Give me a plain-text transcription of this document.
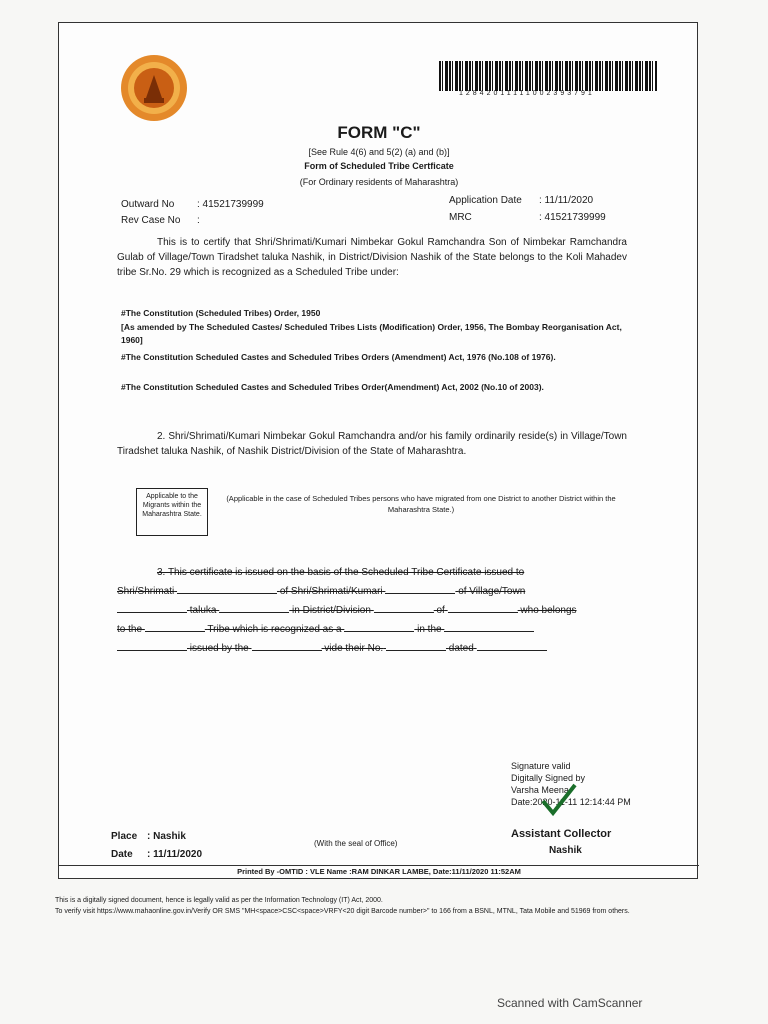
12842011111002393791
FORM "C"
[See Rule 4(6) and 5(2) (a) and (b)]
Form of Scheduled Tribe Certficate
(For Ordinary residents of Maharashtra)
Outward No : 41521739999
Rev Case No :
Application Date : 11/11/2020
MRC	: 41521739999
This is to certify that Shri/Shrimati/Kumari Nimbekar Gokul Ramchandra Son of Nimbekar Ramchandra Gulab of Village/Town Tiradshet taluka Nashik, in District/Division Nashik of the State belongs to the Koli Mahadev tribe Sr.No. 29 which is recognized as a Scheduled Tribe under:
#The Constitution (Scheduled Tribes) Order, 1950
[As amended by The Scheduled Castes/ Scheduled Tribes Lists (Modification) Order, 1956, The Bombay Reorganisation Act, 1960]
#The Constitution Scheduled Castes and Scheduled Tribes Orders (Amendment) Act, 1976 (No.108 of 1976).
#The Constitution Scheduled Castes and Scheduled Tribes Order(Amendment) Act, 2002 (No.10 of 2003).
2. Shri/Shrimati/Kumari Nimbekar Gokul Ramchandra and/or his family ordinarily reside(s) in Village/Town Tiradshet taluka Nashik, of Nashik District/Division of the State of Maharashtra.
Applicable to the Migrants within the Maharashtra State.
(Applicable in the case of Scheduled Tribes persons who have migrated from one District to another District within the Maharashtra State.)
3. This certificate is issued on the basis of the Scheduled Tribe Certificate issued to
Shri/Shrimati	of Shri/Shrimati/Kumari	of Village/Town
taluka	in District/Division	of	who belongs
to the	Tribe which is recognized as a	in the
issued by the	vide their No.	dated
Signature valid
Digitally Signed by
Varsha Meena
Date:2020-11-11 12:14:44 PM
Assistant Collector
Nashik
Place : Nashik
Date : 11/11/2020
(With the seal of Office)
Printed By -OMTID : VLE Name :RAM DINKAR LAMBE, Date:11/11/2020 11:52AM
This is a digitally signed document, hence is legally valid as per the Information Technology (IT) Act, 2000.
To verify visit https://www.mahaonline.gov.in/Verify OR SMS "MH<space>CSC<space>VRFY<20 digit Barcode number>" to 166 from a BSNL, MTNL, Tata Mobile and 51969 from others.
Scanned with CamScanner
